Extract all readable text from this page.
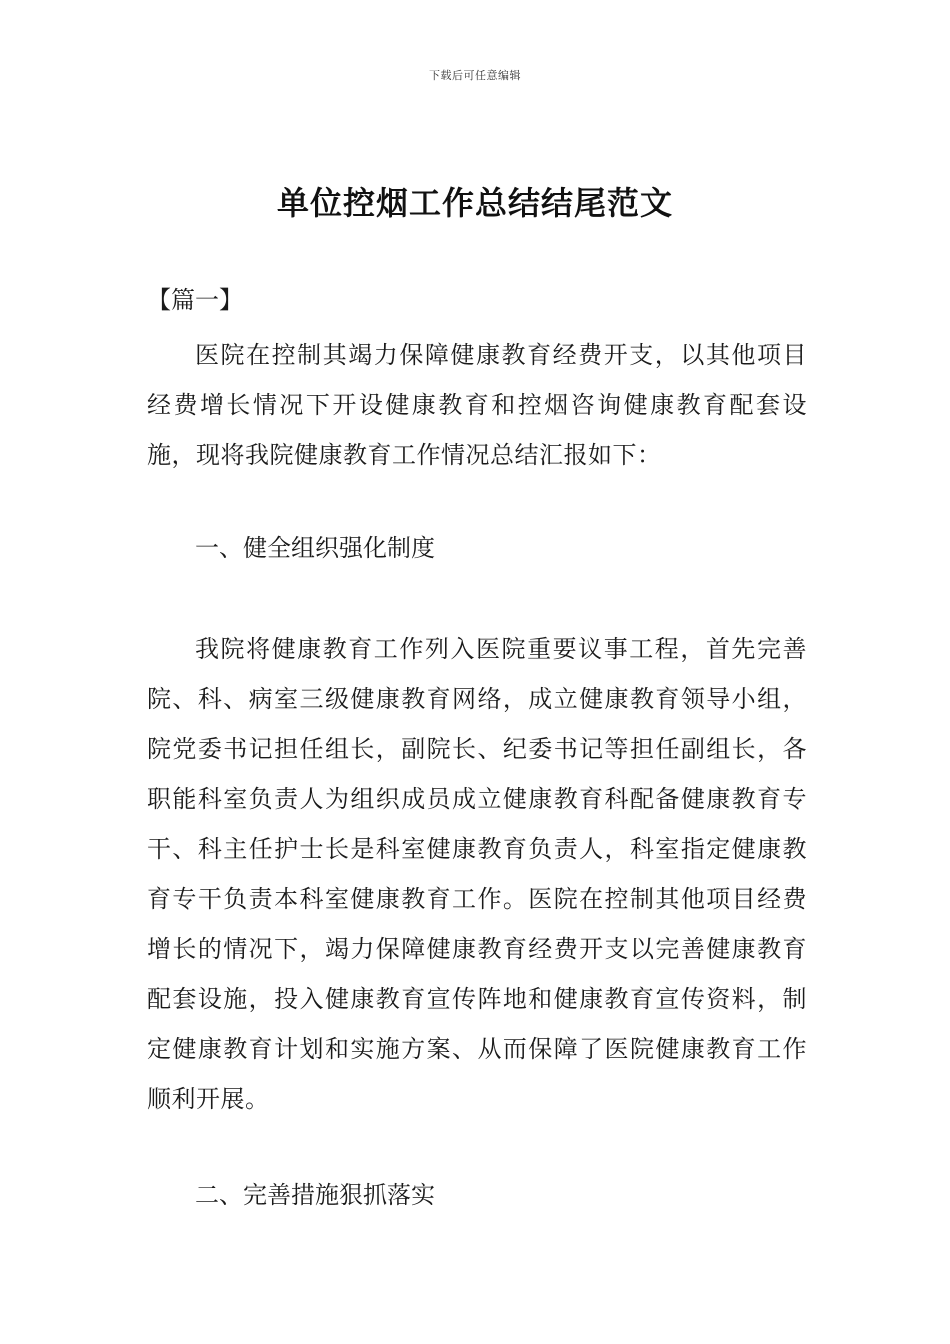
下载后可任意编辑
单位控烟工作总结结尾范文
【篇一】

医院在控制其竭力保障健康教育经费开支，以其他项目经费增长情况下开设健康教育和控烟咨询健康教育配套设施，现将我院健康教育工作情况总结汇报如下：

一、健全组织强化制度

我院将健康教育工作列入医院重要议事工程，首先完善院、科、病室三级健康教育网络，成立健康教育领导小组，院党委书记担任组长，副院长、纪委书记等担任副组长，各职能科室负责人为组织成员成立健康教育科配备健康教育专干、科主任护士长是科室健康教育负责人，科室指定健康教育专干负责本科室健康教育工作。医院在控制其他项目经费增长的情况下，竭力保障健康教育经费开支以完善健康教育配套设施，投入健康教育宣传阵地和健康教育宣传资料，制定健康教育计划和实施方案、从而保障了医院健康教育工作顺利开展。

二、完善措施狠抓落实
